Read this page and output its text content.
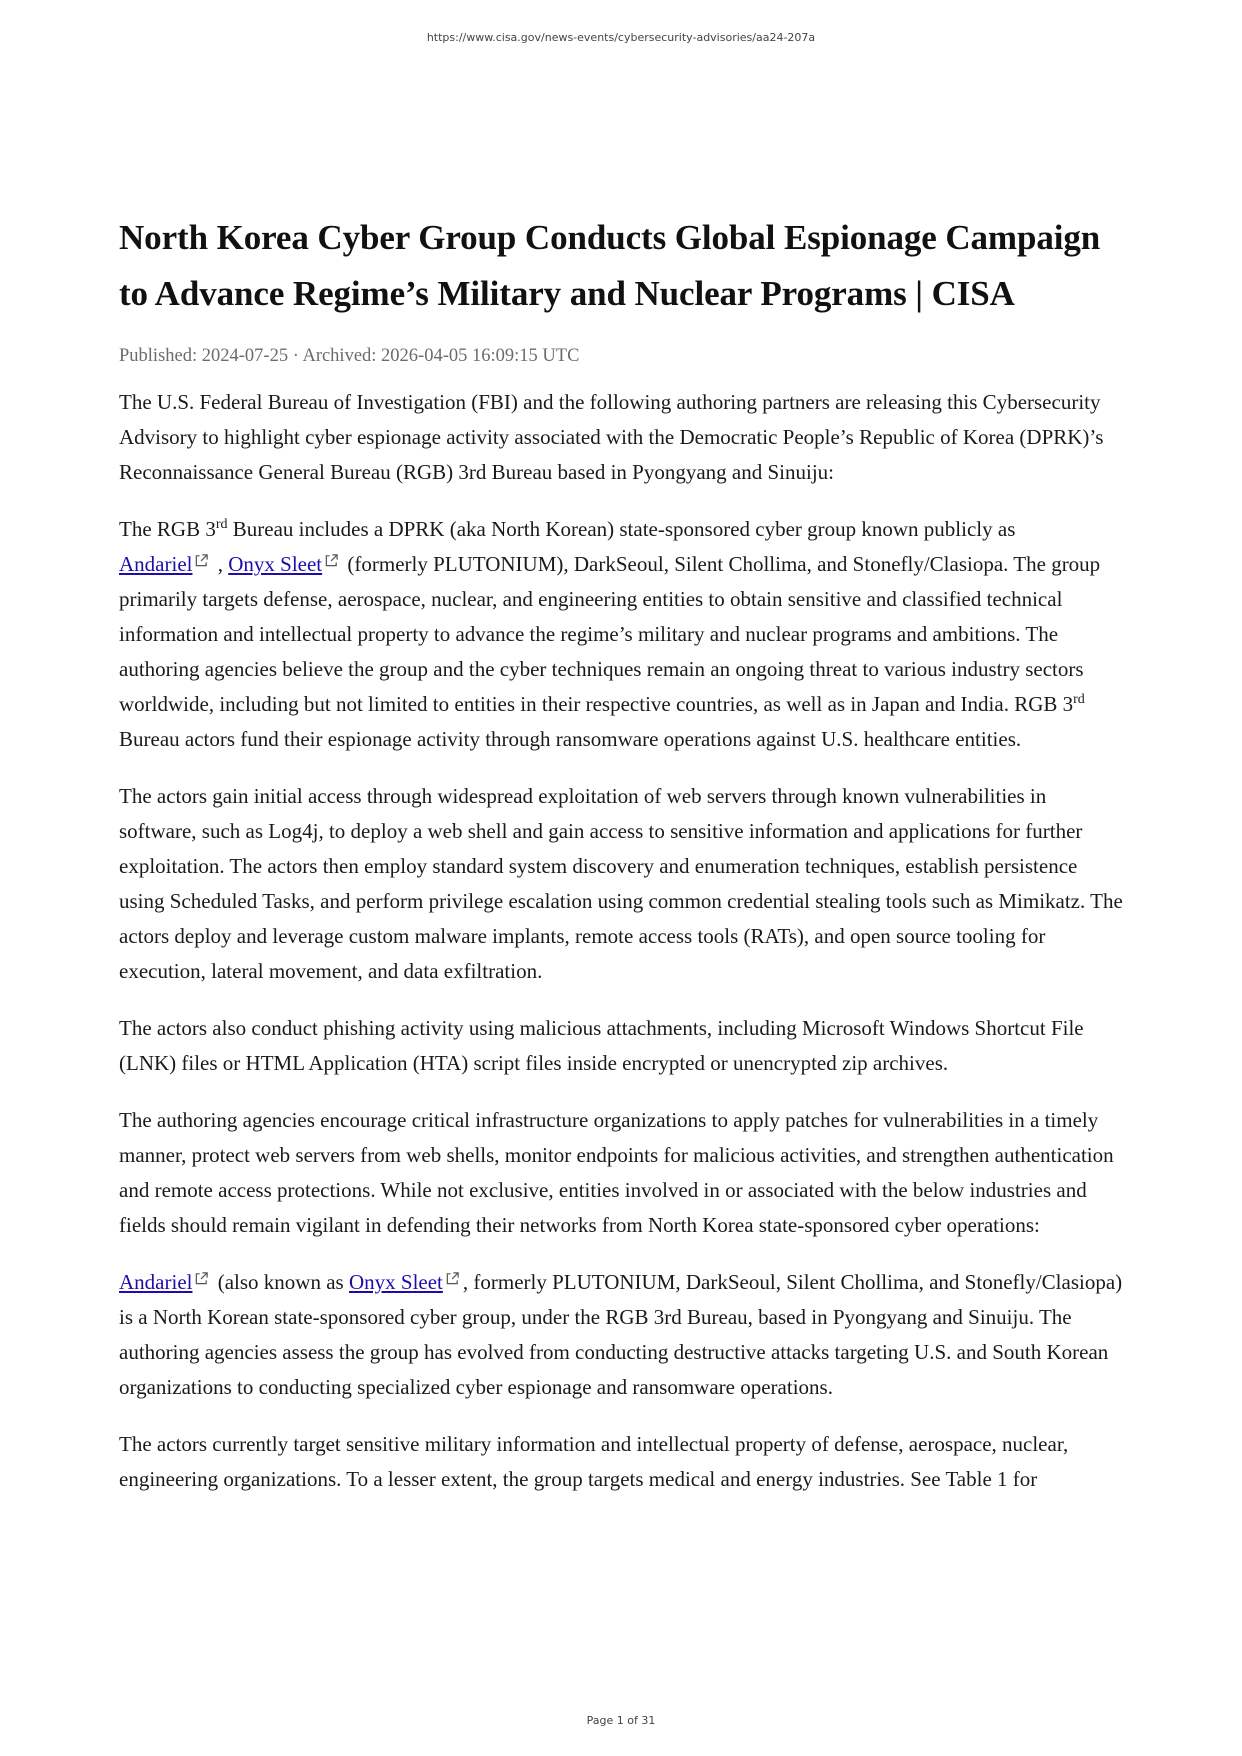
https://www.cisa.gov/news-events/cybersecurity-advisories/aa24-207a
North Korea Cyber Group Conducts Global Espionage Campaign to Advance Regime’s Military and Nuclear Programs | CISA
Published: 2024-07-25 · Archived: 2026-04-05 16:09:15 UTC

The U.S. Federal Bureau of Investigation (FBI) and the following authoring partners are releasing this Cybersecurity Advisory to highlight cyber espionage activity associated with the Democratic People’s Republic of Korea (DPRK)’s Reconnaissance General Bureau (RGB) 3rd Bureau based in Pyongyang and Sinuiju:

The RGB 3rd Bureau includes a DPRK (aka North Korean) state-sponsored cyber group known publicly as
Andariel , Onyx Sleet (formerly PLUTONIUM), DarkSeoul, Silent Chollima, and Stonefly/Clasiopa. The group primarily targets defense, aerospace, nuclear, and engineering entities to obtain sensitive and classified technical information and intellectual property to advance the regime’s military and nuclear programs and ambitions. The authoring agencies believe the group and the cyber techniques remain an ongoing threat to various industry sectors worldwide, including but not limited to entities in their respective countries, as well as in Japan and India. RGB 3rd Bureau actors fund their espionage activity through ransomware operations against U.S. healthcare entities.

The actors gain initial access through widespread exploitation of web servers through known vulnerabilities in software, such as Log4j, to deploy a web shell and gain access to sensitive information and applications for further exploitation. The actors then employ standard system discovery and enumeration techniques, establish persistence using Scheduled Tasks, and perform privilege escalation using common credential stealing tools such as Mimikatz. The actors deploy and leverage custom malware implants, remote access tools (RATs), and open source tooling for execution, lateral movement, and data exfiltration.

The actors also conduct phishing activity using malicious attachments, including Microsoft Windows Shortcut File (LNK) files or HTML Application (HTA) script files inside encrypted or unencrypted zip archives.

The authoring agencies encourage critical infrastructure organizations to apply patches for vulnerabilities in a timely manner, protect web servers from web shells, monitor endpoints for malicious activities, and strengthen authentication and remote access protections. While not exclusive, entities involved in or associated with the below industries and fields should remain vigilant in defending their networks from North Korea state-sponsored cyber operations:

Andariel (also known as Onyx Sleet , formerly PLUTONIUM, DarkSeoul, Silent Chollima, and Stonefly/Clasiopa) is a North Korean state-sponsored cyber group, under the RGB 3rd Bureau, based in Pyongyang and Sinuiju. The authoring agencies assess the group has evolved from conducting destructive attacks targeting U.S. and South Korean organizations to conducting specialized cyber espionage and ransomware operations.

The actors currently target sensitive military information and intellectual property of defense, aerospace, nuclear, engineering organizations. To a lesser extent, the group targets medical and energy industries. See Table 1 for

Page 1 of 31
